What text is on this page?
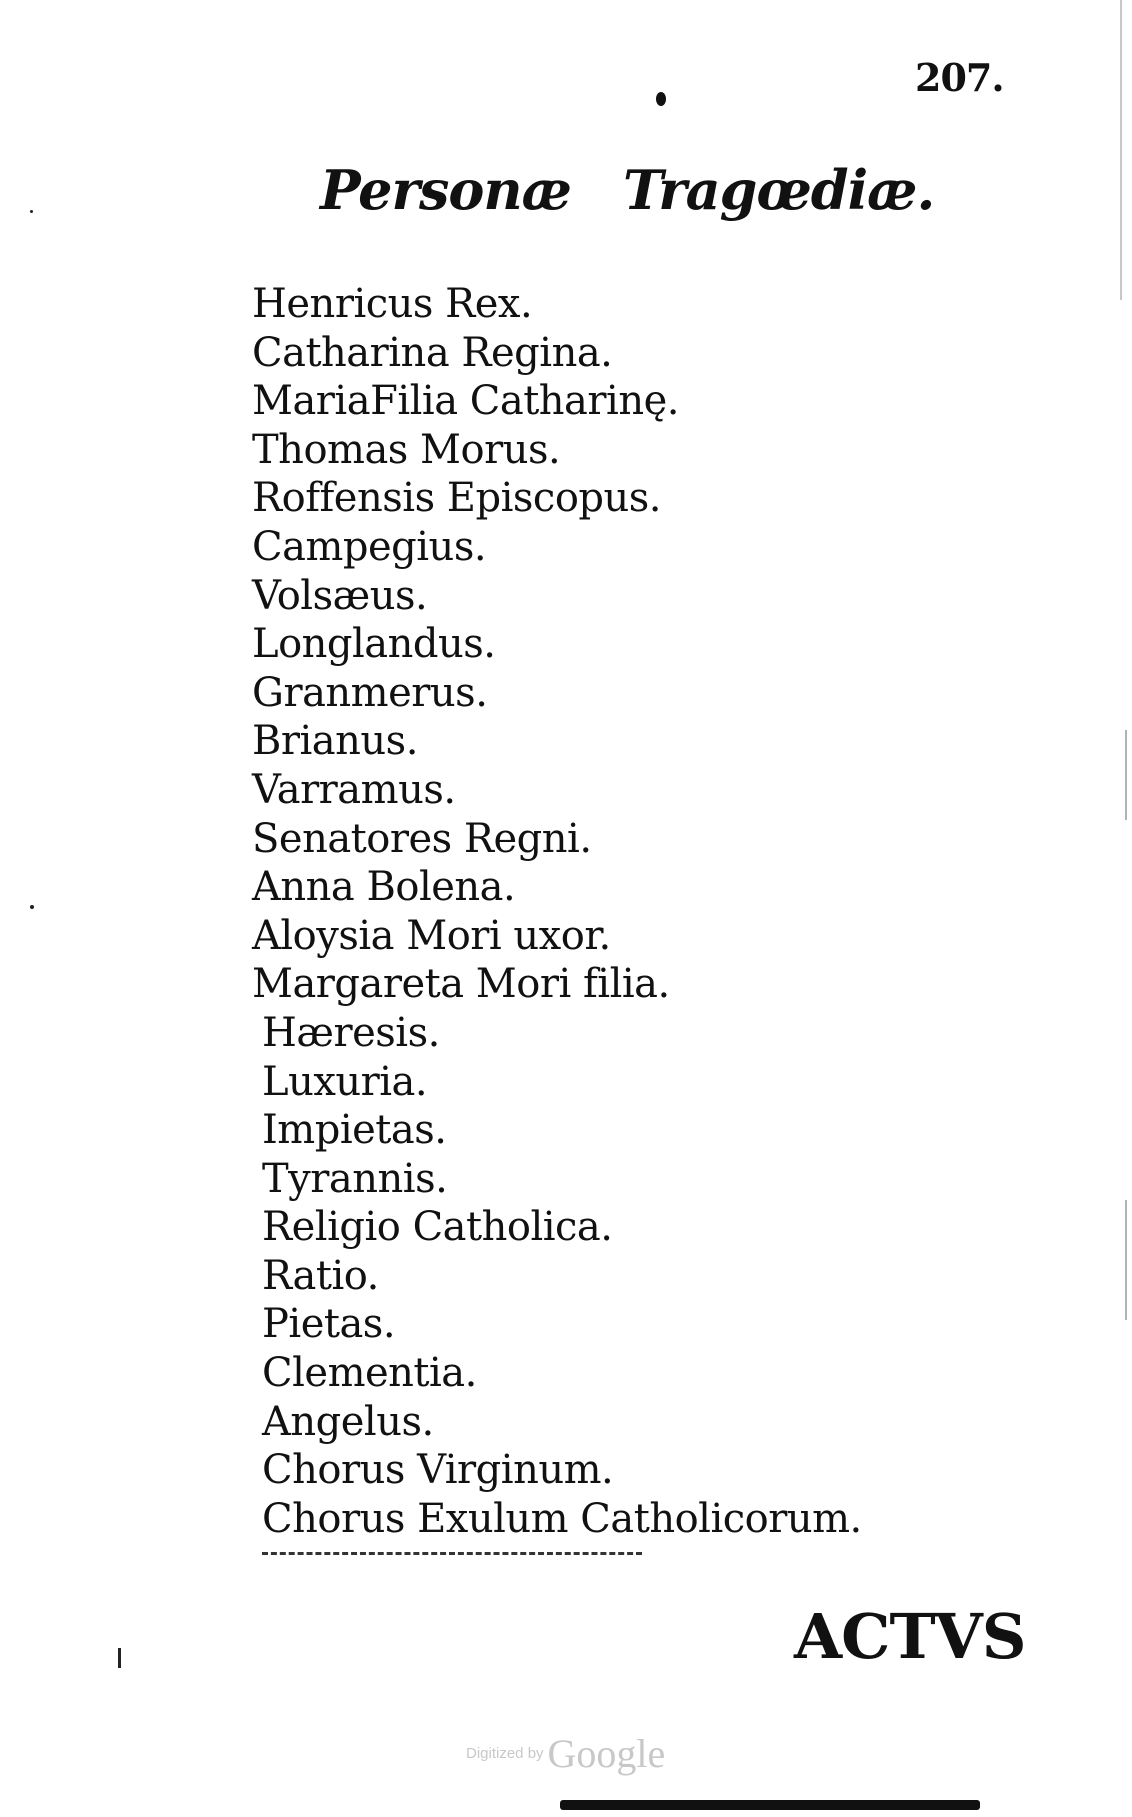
207.
Personæ Tragœdiæ.
Henricus Rex.
Catharina Regina.
MariaFilia Catharinę.
Thomas Morus.
Roffensis Episcopus.
Campegius.
Volsæus.
Longlandus.
Granmerus.
Brianus.
Varramus.
Senatores Regni.
Anna Bolena.
Aloysia Mori uxor.
Margareta Mori filia.
Hæresis.
Luxuria.
Impietas.
Tyrannis.
Religio Catholica.
Ratio.
Pietas.
Clementia.
Angelus.
Chorus Virginum.
Chorus Exulum Catholicorum.
ACTVS
Digitized by Google
